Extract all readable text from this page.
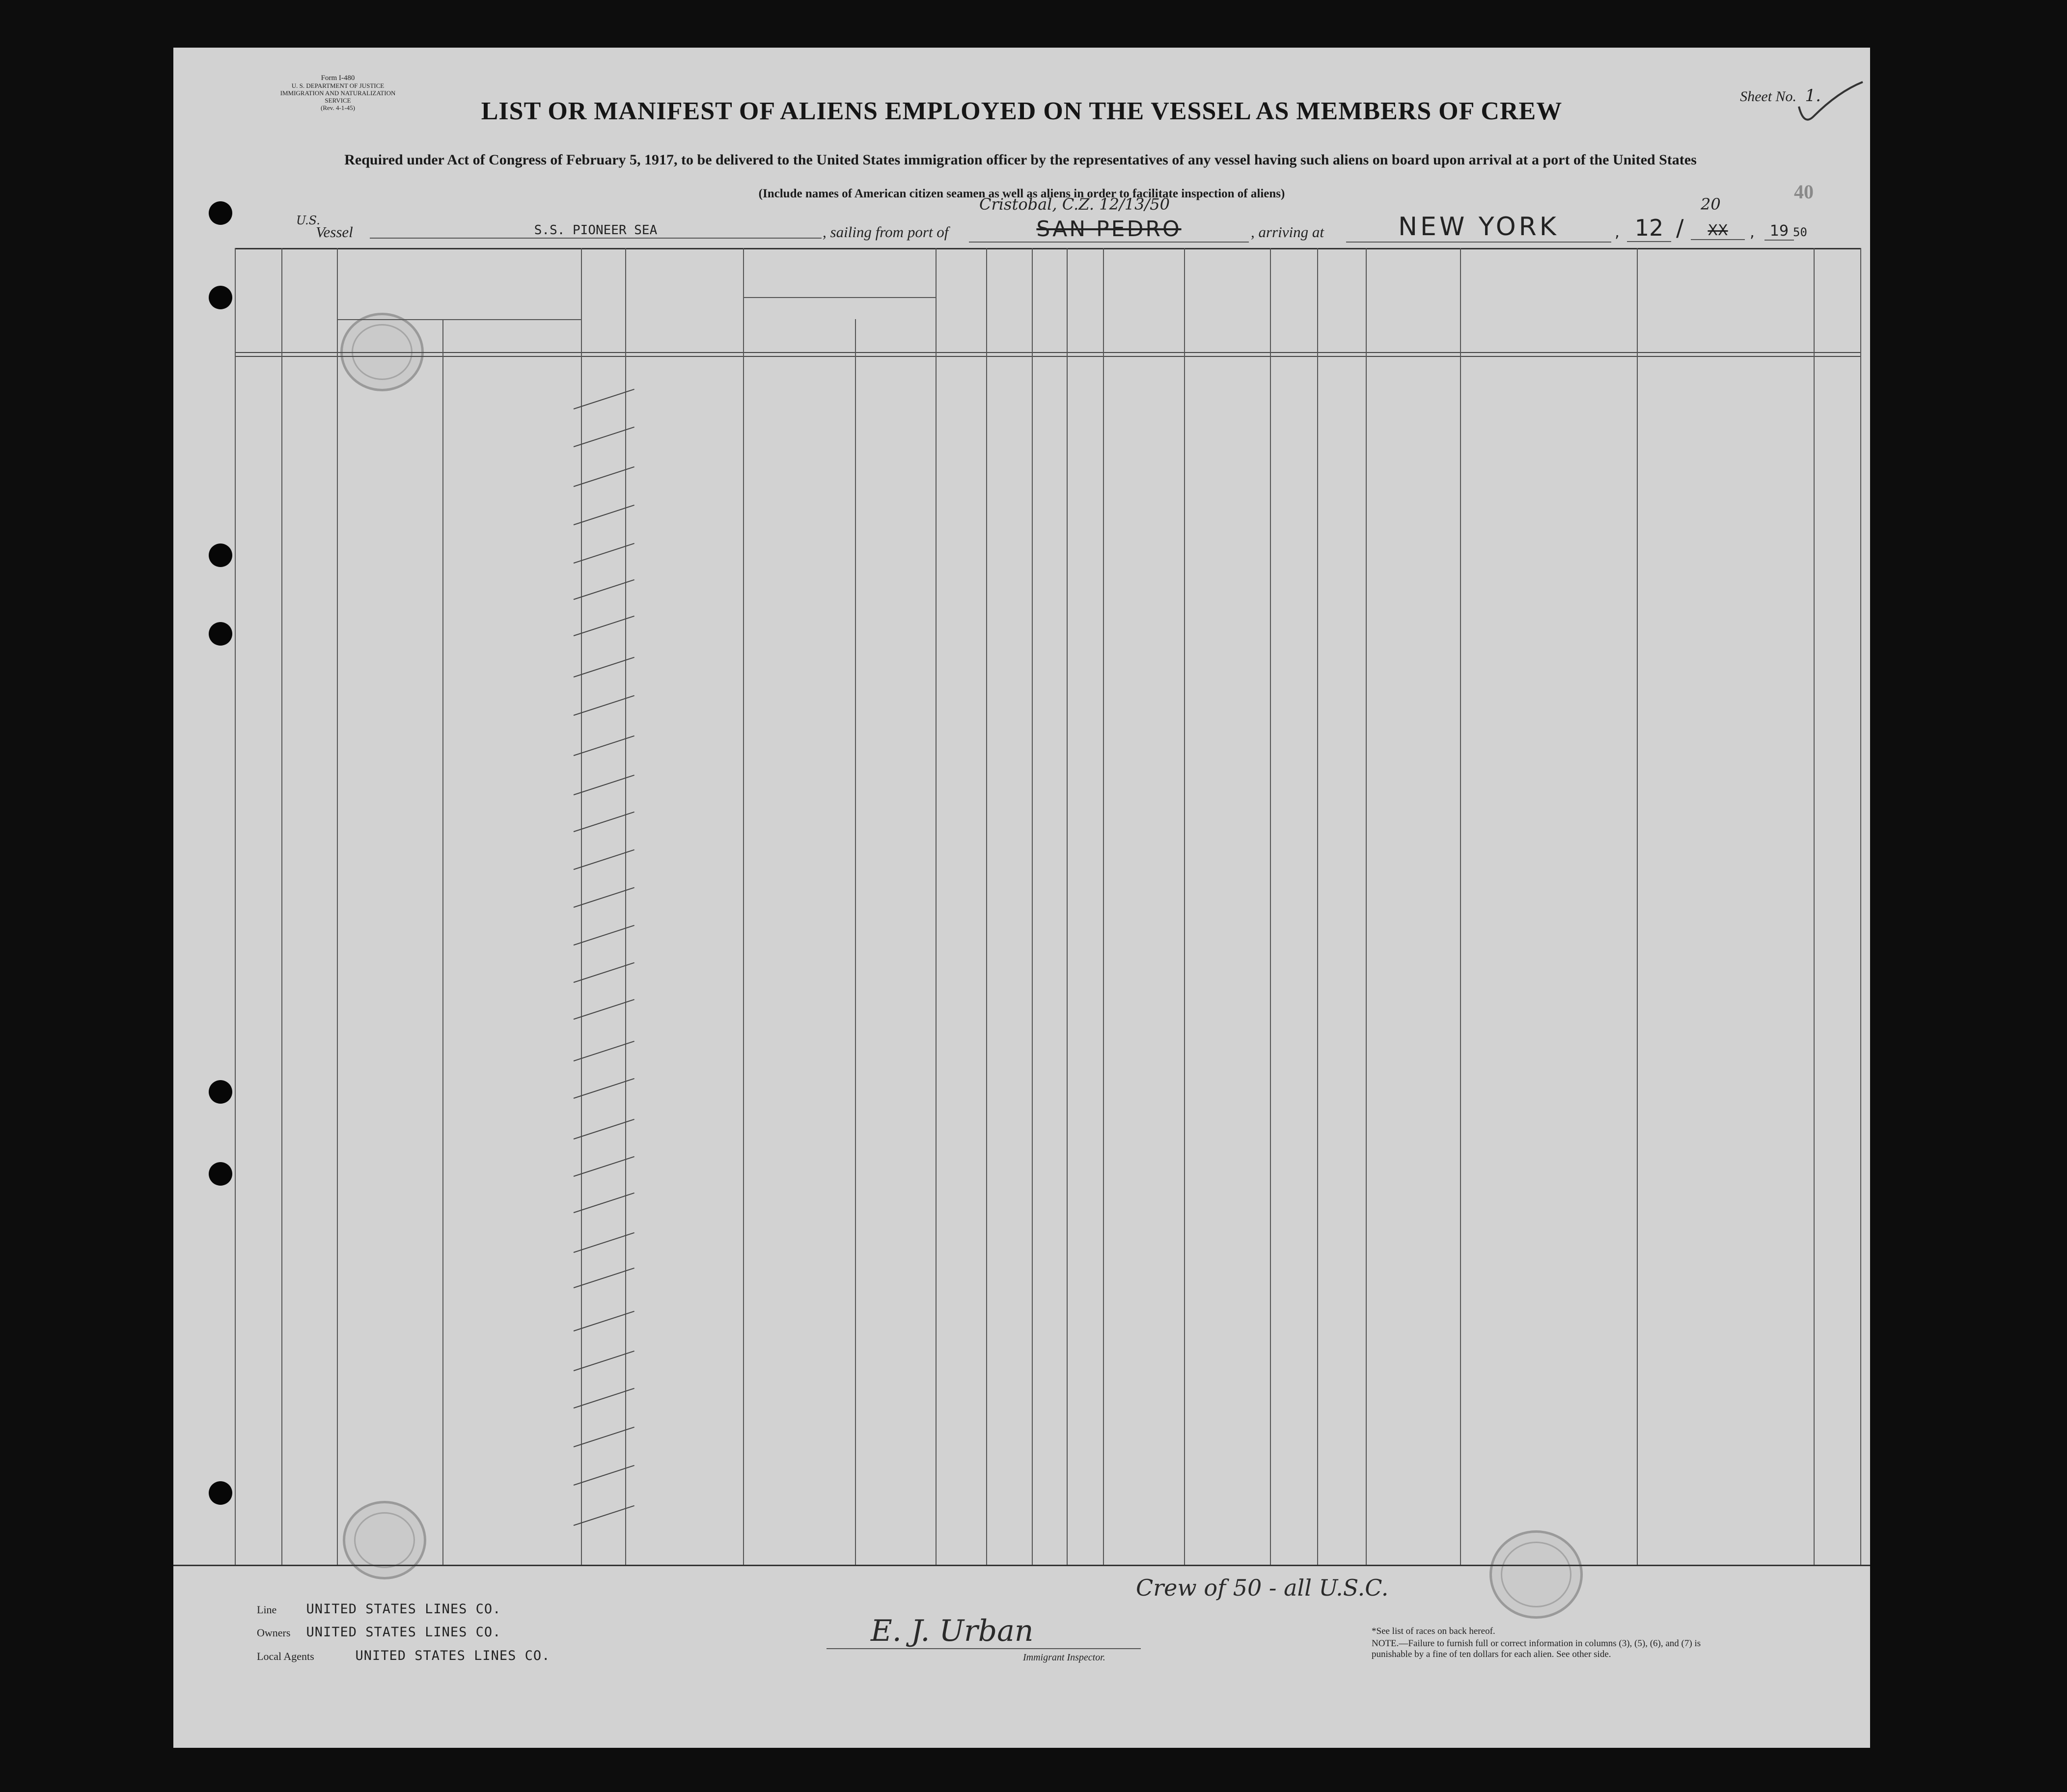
Form I-480
U. S. DEPARTMENT OF JUSTICE
IMMIGRATION AND NATURALIZATION SERVICE
(Rev. 4-1-45)
Sheet No. 1.
LIST OR MANIFEST OF ALIENS EMPLOYED ON THE VESSEL AS MEMBERS OF CREW
Required under Act of Congress of February 5, 1917, to be delivered to the United States immigration officer by the representatives of any vessel having such aliens on board upon arrival at a port of the United States
(Include names of American citizen seamen as well as aliens in order to facilitate inspection of aliens)	40
U.S.
Vessel	S.S. PIONEER SEA	, sailing from port of
Cristobal, C.Z. 12/13/50
SAN PEDRO	, arriving at	NEW YORK	, 12 /
20
XX	,	19 50
Line UNITED STATES LINES CO.
Owners UNITED STATES LINES CO.
Local Agents	UNITED STATES LINES CO.
Crew of 50 - all U.S.C.
E. J. Urban
Immigrant Inspector.
*See list of races on back hereof.
NOTE.—Failure to furnish full or correct information in columns (3), (5), (6), and (7) is punishable by a fine of ten dollars for each alien. See other side.
